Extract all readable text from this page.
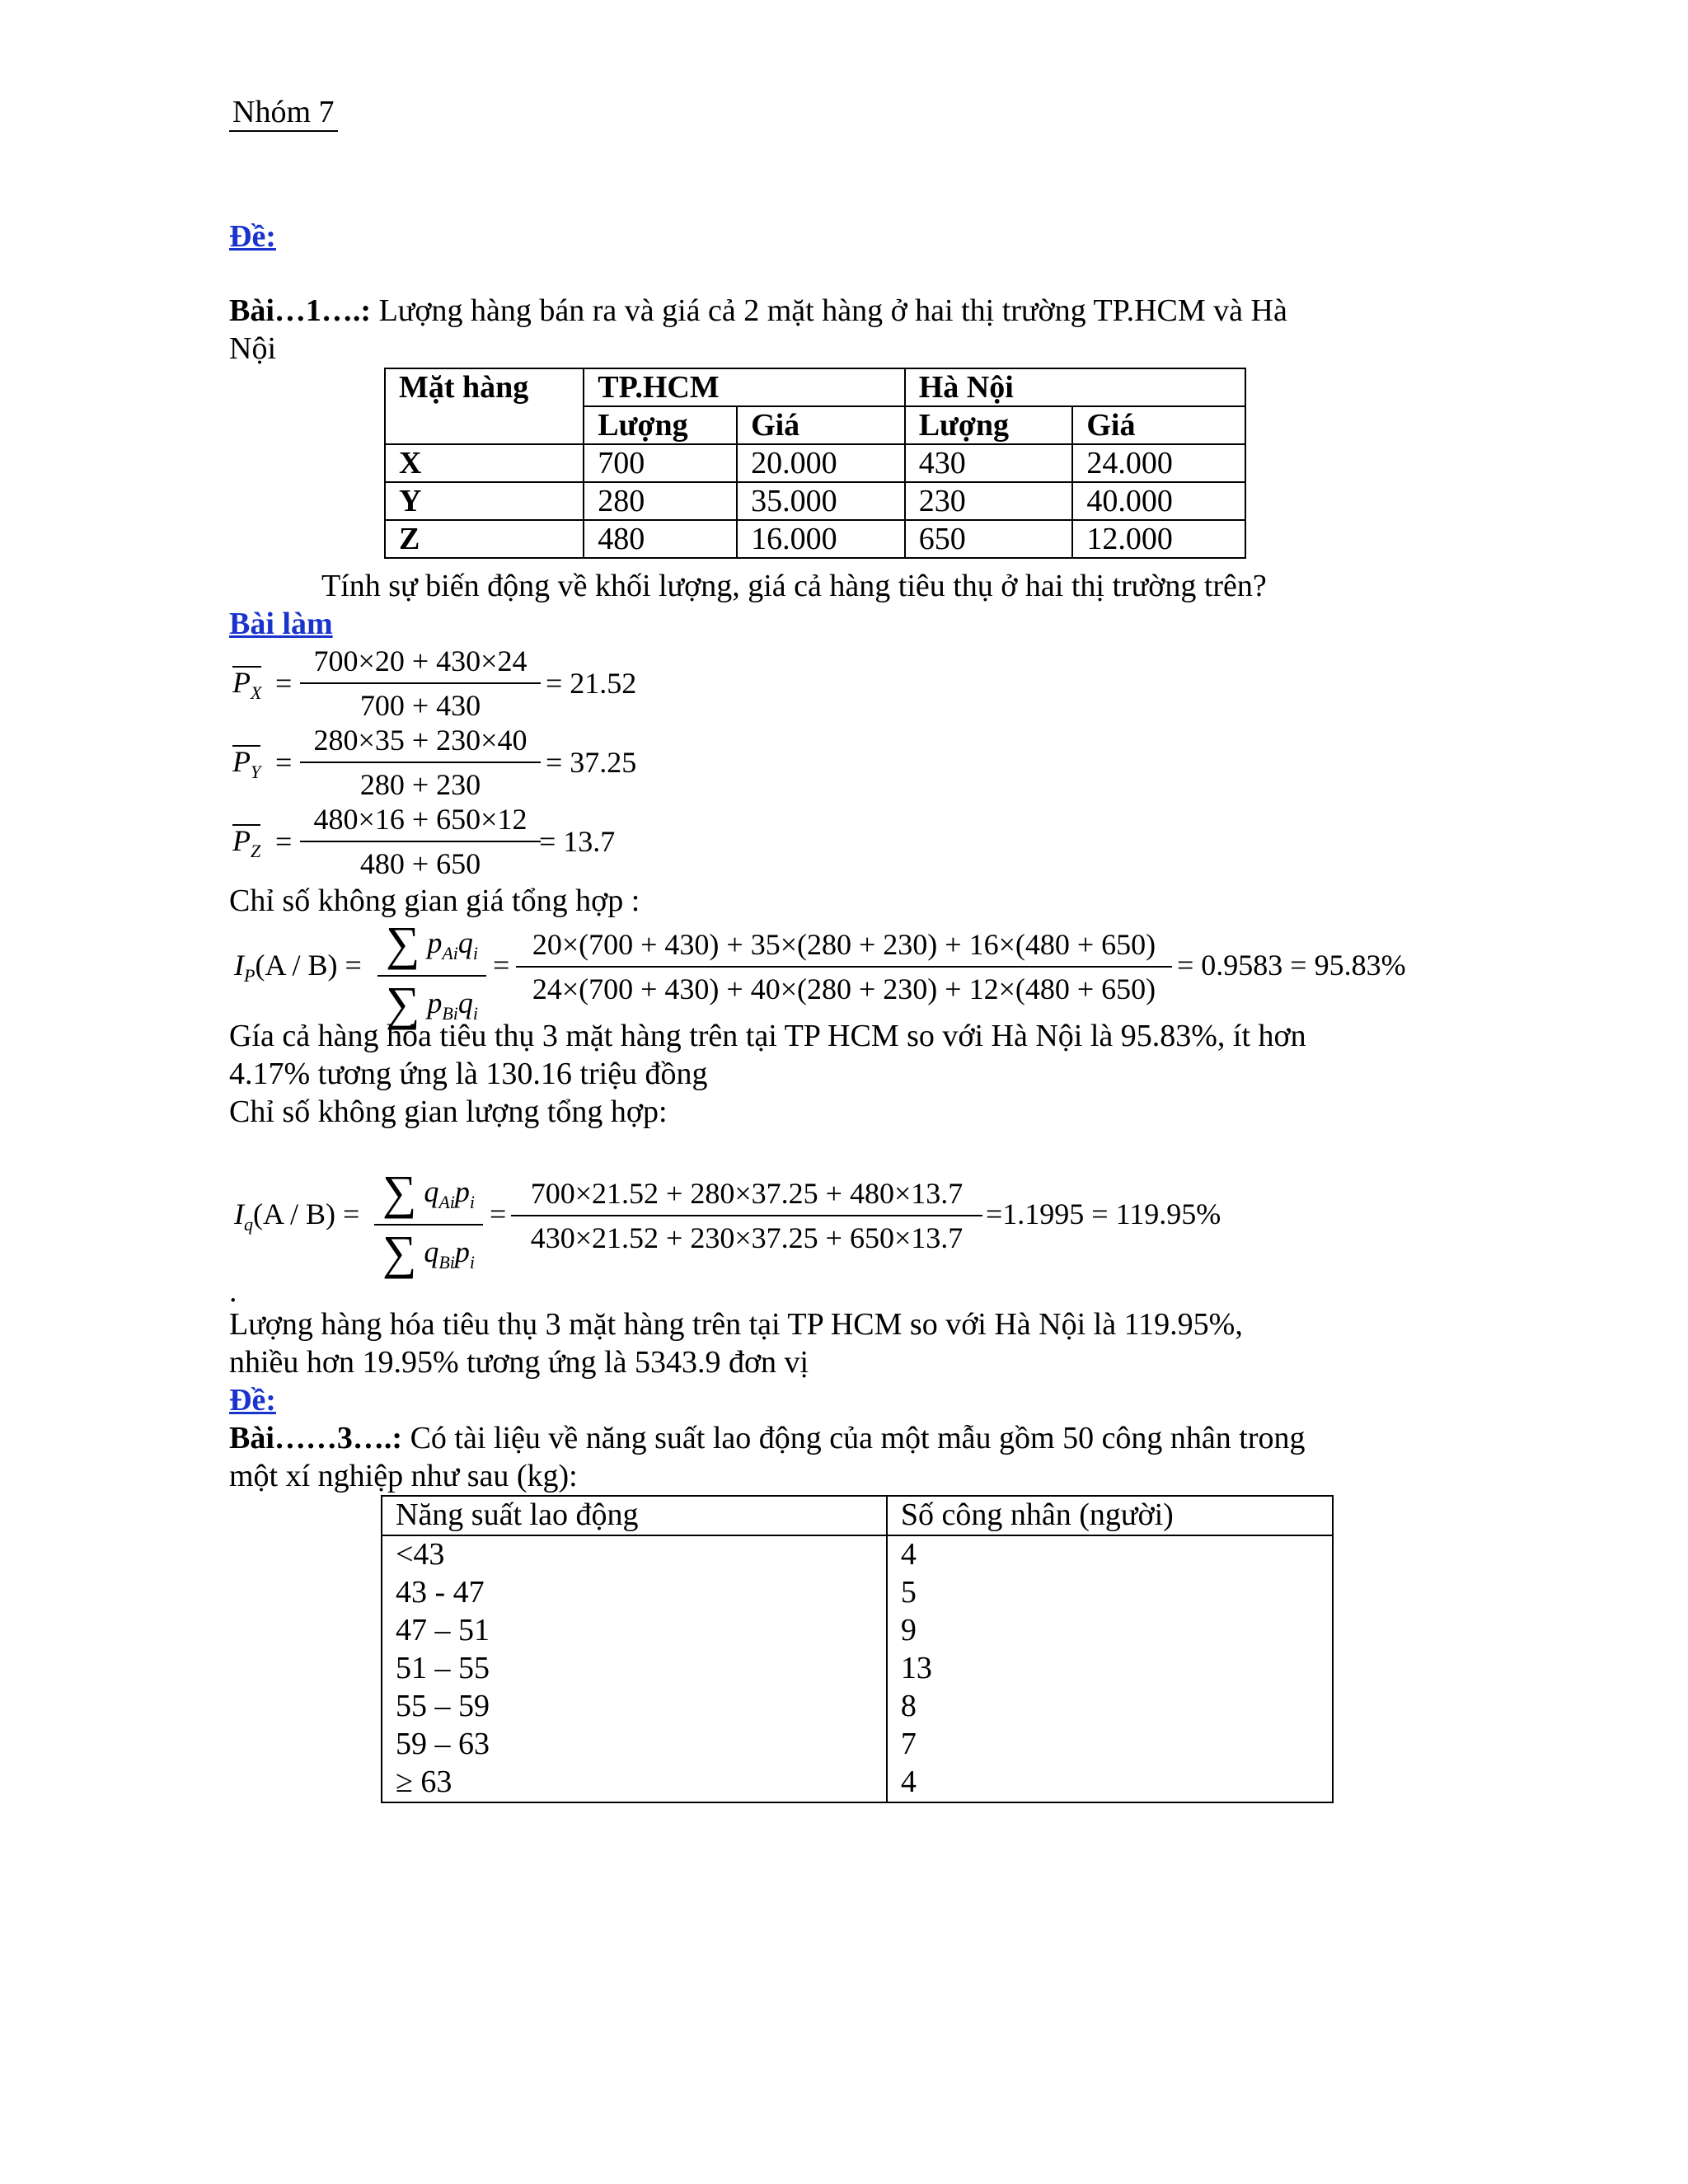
Nhóm 7
Đề:
Bài…1….: Lượng hàng bán ra và giá cả 2 mặt hàng ở hai thị trường TP.HCM và Hà
Nội
Mặt hàng	TP.HCM		Hà Nội	
	Lượng	Giá	Lượng	Giá
X	700	20.000	430	24.000
Y	280	35.000	230	40.000
Z	480	16.000	650	12.000
Tính sự biến động về khối lượng, giá cả hàng tiêu thụ ở hai thị trường trên?
Bài làm
$P_X$ =
700×20 + 430×24
700 + 430
= 21.52
$P_Y$ =
280×35 + 230×40
280 + 230
= 37.25
$P_Z$ =
480×16 + 650×12
480 + 650
= 13.7
Chỉ số không gian giá tổng hợp :
$I_P(A / B)$ = ∑ $p_{Ai}q_i$
∑ $p_{Bi}q_i$
=
20×(700 + 430) + 35×(280 + 230) + 16×(480 + 650)
24×(700 + 430) + 40×(280 + 230) + 12×(480 + 650)
= 0.9583 = 95.83%
Gía cả hàng hóa tiêu thụ 3 mặt hàng trên tại TP HCM so với Hà Nội là 95.83%, ít hơn
4.17% tương ứng là 130.16 triệu đồng
Chỉ số không gian lượng tổng hợp:
$I_q(A / B)$ = ∑ $q_{Ai}p_i$
∑ $q_{Bi}p_i$
=
700×21.52 + 280×37.25 + 480×13.7
430×21.52 + 230×37.25 + 650×13.7
=1.1995 = 119.95%
.
Lượng hàng hóa tiêu thụ 3 mặt hàng trên tại TP HCM so với Hà Nội là 119.95%,
nhiều hơn 19.95% tương ứng là 5343.9 đơn vị
Đề:
Bài……3….: Có tài liệu về năng suất lao động của một mẫu gồm 50 công nhân trong
một xí nghiệp như sau (kg):
Năng suất lao động	Số công nhân (người)
<43	4
43 - 47	5
47 – 51	9
51 – 55	13
55 – 59	8
59 – 63	7
≥ 63	4
